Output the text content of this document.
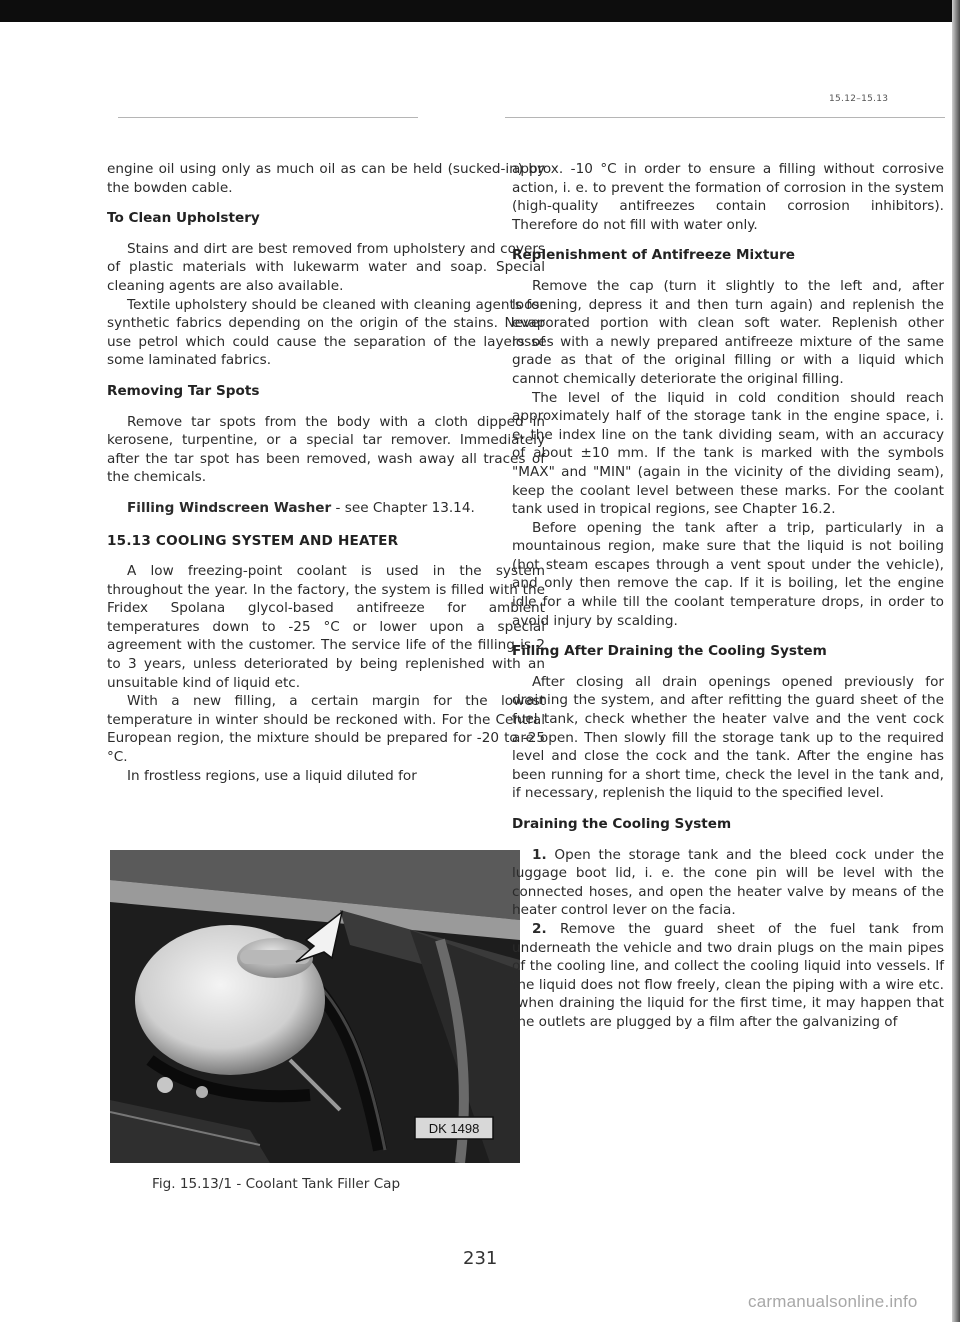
15.12–15.13

engine oil using only as much oil as can be held (sucked-in) by the bowden cable.

To Clean Upholstery

Stains and dirt are best removed from upholstery and covers of plastic materials with lukewarm water and soap. Special cleaning agents are also available.

Textile upholstery should be cleaned with cleaning agents for synthetic fabrics depending on the origin of the stains. Never use petrol which could cause the separation of the layers of some laminated fabrics.

Removing Tar Spots

Remove tar spots from the body with a cloth dipped in kerosene, turpentine, or a special tar remover. Immediately after the tar spot has been removed, wash away all traces of the chemicals.

Filling Windscreen Washer - see Chapter 13.14.

15.13 COOLING SYSTEM AND HEATER

A low freezing-point coolant is used in the system throughout the year. In the factory, the system is filled with the Fridex Spolana glycol-based antifreeze for ambient temperatures down to -25 °C or lower upon a special agreement with the customer. The service life of the filling is 2 to 3 years, unless deteriorated by being replenished with an unsuitable kind of liquid etc.

With a new filling, a certain margin for the lowest temperature in winter should be reckoned with. For the Central European region, the mixture should be prepared for -20 to -25 °C.

In frostless regions, use a liquid diluted for

DK 1498
Fig. 15.13/1 - Coolant Tank Filler Cap

approx. -10 °C in order to ensure a filling without corrosive action, i. e. to prevent the formation of corrosion in the system (high-quality antifreezes contain corrosion inhibitors). Therefore do not fill with water only.

Replenishment of Antifreeze Mixture

Remove the cap (turn it slightly to the left and, after loosening, depress it and then turn again) and replenish the evaporated portion with clean soft water. Replenish other losses with a newly prepared antifreeze mixture of the same grade as that of the original filling or with a liquid which cannot chemically deteriorate the original filling.

The level of the liquid in cold condition should reach approximately half of the storage tank in the engine space, i. e. the index line on the tank dividing seam, with an accuracy of about ±10 mm. If the tank is marked with the symbols "MAX" and "MIN" (again in the vicinity of the dividing seam), keep the coolant level between these marks. For the coolant tank used in tropical regions, see Chapter 16.2.

Before opening the tank after a trip, particularly in a mountainous region, make sure that the liquid is not boiling (hot steam escapes through a vent spout under the vehicle), and only then remove the cap. If it is boiling, let the engine idle for a while till the coolant temperature drops, in order to avoid injury by scalding.

Filling After Draining the Cooling System

After closing all drain openings opened previously for draining the system, and after refitting the guard sheet of the fuel tank, check whether the heater valve and the vent cock are open. Then slowly fill the storage tank up to the required level and close the cock and the tank. After the engine has been running for a short time, check the level in the tank and, if necessary, replenish the liquid to the specified level.

Draining the Cooling System

1. Open the storage tank and the bleed cock under the luggage boot lid, i. e. the cone pin will be level with the connected hoses, and open the heater valve by means of the heater control lever on the facia.

2. Remove the guard sheet of the fuel tank from underneath the vehicle and two drain plugs on the main pipes of the cooling line, and collect the cooling liquid into vessels. If the liquid does not flow freely, clean the piping with a wire etc. (when draining the liquid for the first time, it may happen that the outlets are plugged by a film after the galvanizing of

231
carmanualsonline.info
